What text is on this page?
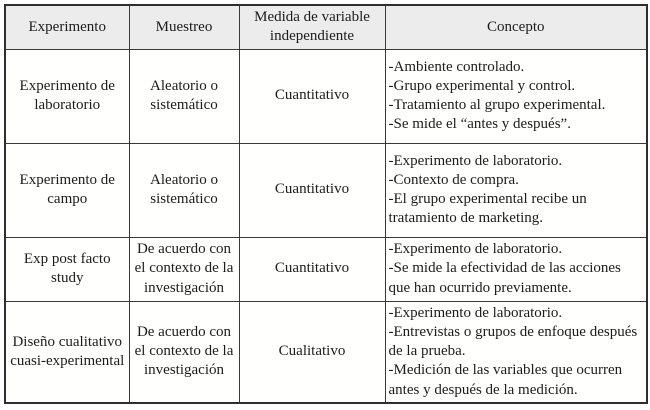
Experimento	Muestreo	Medida de variable independiente	Concepto
Experimento de laboratorio	Aleatorio o sistemático	Cuantitativo	-Ambiente controlado.
-Grupo experimental y control.
-Tratamiento al grupo experimental.
-Se mide el “antes y después”.

Experimento de campo	Aleatorio o sistemático	Cuantitativo	-Experimento de laboratorio.
-Contexto de compra.
-El grupo experimental recibe un tratamiento de marketing.

Exp post facto study	De acuerdo con el contexto de la investigación	Cuantitativo	-Experimento de laboratorio.
-Se mide la efectividad de las acciones que han ocurrido previamente.

Diseño cualitativo cuasi-experimental	De acuerdo con el contexto de la investigación	Cualitativo	-Experimento de laboratorio.
-Entrevistas o grupos de enfoque después de la prueba.
-Medición de las variables que ocurren antes y después de la medición.
